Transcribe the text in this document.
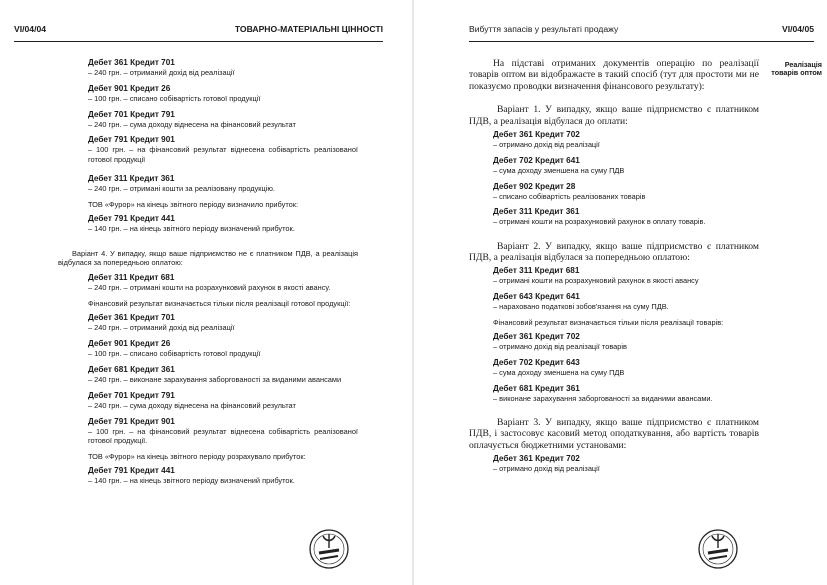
VI/04/04	ТОВАРНО-МАТЕРІАЛЬНІ ЦІННОСТІ
Дебет 361 Кредит 701
– 240 грн. – отриманий дохід від реалізації
Дебет 901 Кредит 26
– 100 грн. – списано собівартість готової продукції
Дебет 701 Кредит 791
– 240 грн. – сума доходу віднесена на фінансовий результат
Дебет 791 Кредит 901
– 100 грн. – на фінансовий результат віднесена собівартість реалізованої готової продукції
Дебет 311 Кредит 361
– 240 грн. – отримані кошти за реалізовану продукцію.
ТОВ «Фурор» на кінець звітного періоду визначило прибуток:
Дебет 791 Кредит 441
– 140 грн. – на кінець звітного періоду визначений прибуток.
Варіант 4. У випадку, якщо ваше підприємство не є платником ПДВ, а реалізація відбулася за попередньою оплатою:
Дебет 311 Кредит 681
– 240 грн. – отримані кошти на розрахунковий рахунок в якості авансу.
Фінансовий результат визначається тільки після реалізації готової продукції:
Дебет 361 Кредит 701
– 240 грн. – отриманий дохід від реалізації
Дебет 901 Кредит 26
– 100 грн. – списано собівартість готової продукції
Дебет 681 Кредит 361
– 240 грн. – виконане зарахування заборгованості за виданими авансами
Дебет 701 Кредит 791
– 240 грн. – сума доходу віднесена на фінансовий результат
Дебет 791 Кредит 901
– 100 грн. – на фінансовий результат віднесена собівартість реалізованої готової продукції.
ТОВ «Фурор» на кінець звітного періоду розрахувало прибуток:
Дебет 791 Кредит 441
– 140 грн. – на кінець звітного періоду визначений прибуток.
Вибуття запасів у результаті продажу	VI/04/05
Реалізація товарів оптом
На підставі отриманих документів операцію по реалізації товарів оптом ви відображаєте в такий спосіб (тут для простоти ми не показуємо проводки визначення фінансового результату):
Варіант 1. У випадку, якщо ваше підприємство є платником ПДВ, а реалізація відбулася до оплати:
Дебет 361 Кредит 702
– отримано дохід від реалізації
Дебет 702 Кредит 641
– сума доходу зменшена на суму ПДВ
Дебет 902 Кредит 28
– списано собівартість реалізованих товарів
Дебет 311 Кредит 361
– отримані кошти на розрахунковий рахунок в оплату товарів.
Варіант 2. У випадку, якщо ваше підприємство є платником ПДВ, а реалізація відбулася за попередньою оплатою:
Дебет 311 Кредит 681
– отримані кошти на розрахунковий рахунок в якості авансу
Дебет 643 Кредит 641
– нараховано податкові зобов'язання на суму ПДВ.
Фінансовий результат визначається тільки після реалізації товарів:
Дебет 361 Кредит 702
– отримано дохід від реалізації товарів
Дебет 702 Кредит 643
– сума доходу зменшена на суму ПДВ
Дебет 681 Кредит 361
– виконане зарахування заборгованості за виданими авансами.
Варіант 3. У випадку, якщо ваше підприємство є платником ПДВ, і застосовує касовий метод оподаткування, або вартість товарів оплачується бюджетними установами:
Дебет 361 Кредит 702
– отримано дохід від реалізації
